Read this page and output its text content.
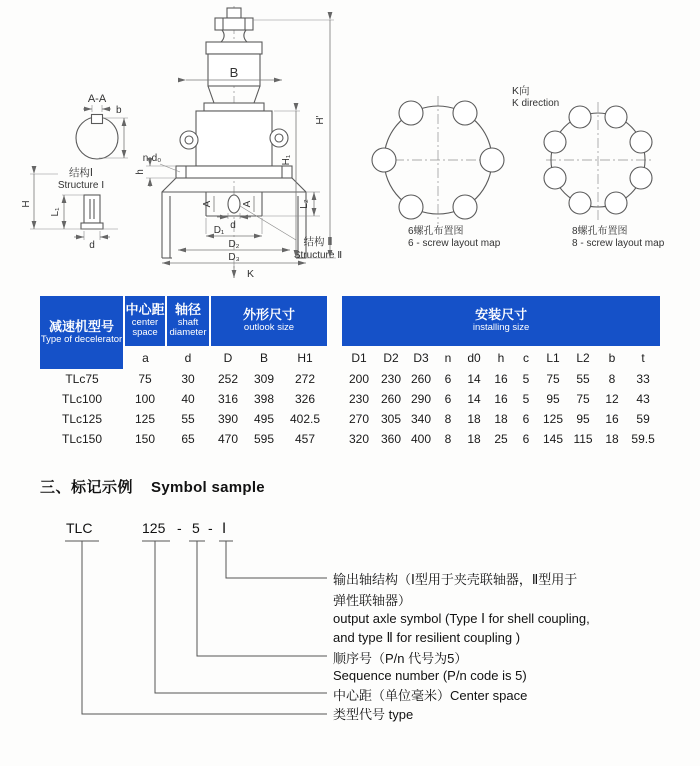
A-A
b
结构Ⅰ
Structure Ⅰ
H
L₁
d
B
A	A
n-d₀
h
d
D₁
D₂
D₃
K
结构 Ⅱ
Structure Ⅱ
L₂
H₁
H'
K向
K direction
6螺孔布置图
6 - screw layout map
8螺孔布置图
8 - screw layout map
减速机型号
Type of decelerator	中心距
center space	轴径
shaft diameter	外形尺寸
outlook size				安装尺寸
installing size										

	a	d	D	B	H1		D1	D2	D3	n	d0	h	c	L1	L2	b	t
TLc75	75	30	252	309	272		200	230	260	6	14	16	5	75	55	8	33
TLc100	100	40	316	398	326		230	260	290	6	14	16	5	95	75	12	43
TLc125	125	55	390	495	402.5		270	305	340	8	18	18	6	125	95	16	59
TLc150	150	65	470	595	457		320	360	400	8	18	25	6	145	115	18	59.5
三、标记示例 Symbol sample
TLC	125 - 5 - Ⅰ
输出轴结构（Ⅰ型用于夹壳联轴器，Ⅱ型用于
弹性联轴器）
output axle symbol (Type Ⅰ for shell coupling,
and type Ⅱ for resilient coupling )
顺序号（P/n 代号为5）
Sequence number (P/n code is 5)
中心距（单位毫米）Center space
类型代号 type
